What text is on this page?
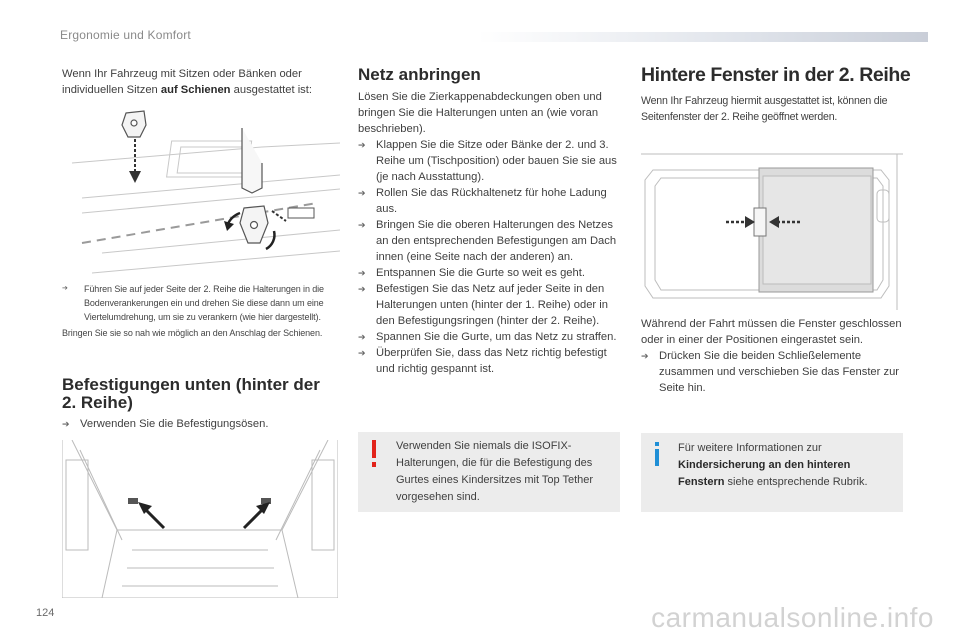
Ergonomie und Komfort
Wenn Ihr Fahrzeug mit Sitzen oder Bänken oder individuellen Sitzen auf Schienen ausgestattet ist:
➔ Führen Sie auf jeder Seite der 2. Reihe die Halterungen in die Bodenverankerungen ein und drehen Sie diese dann um eine Viertelumdrehung, um sie zu verankern (wie hier dargestellt).
Bringen Sie sie so nah wie möglich an den Anschlag der Schienen.
Befestigungen unten (hinter der 2. Reihe)
➔ Verwenden Sie die Befestigungsösen.
Netz anbringen
Lösen Sie die Zierkappenabdeckungen oben und bringen Sie die Halterungen unten an (wie voran beschrieben).
➔ Klappen Sie die Sitze oder Bänke der 2. und 3. Reihe um (Tischposition) oder bauen Sie sie aus (je nach Ausstattung).
➔ Rollen Sie das Rückhaltenetz für hohe Ladung aus.
➔ Bringen Sie die oberen Halterungen des Netzes an den entsprechenden Befestigungen am Dach innen (eine Seite nach der anderen) an.
➔ Entspannen Sie die Gurte so weit es geht.
➔ Befestigen Sie das Netz auf jeder Seite in den Halterungen unten (hinter der 1. Reihe) oder in den Befestigungsringen (hinter der 2. Reihe).
➔ Spannen Sie die Gurte, um das Netz zu straffen.
➔ Überprüfen Sie, dass das Netz richtig befestigt und richtig gespannt ist.
Verwenden Sie niemals die ISOFIX-Halterungen, die für die Befestigung des Gurtes eines Kindersitzes mit Top Tether vorgesehen sind.
Hintere Fenster in der 2. Reihe
Wenn Ihr Fahrzeug hiermit ausgestattet ist, können die Seitenfenster der 2. Reihe geöffnet werden.
Während der Fahrt müssen die Fenster geschlossen oder in einer der Positionen eingerastet sein.
➔ Drücken Sie die beiden Schließelemente zusammen und verschieben Sie das Fenster zur Seite hin.
Für weitere Informationen zur Kindersicherung an den hinteren Fenstern siehe entsprechende Rubrik.
124	carmanualsonline.info
